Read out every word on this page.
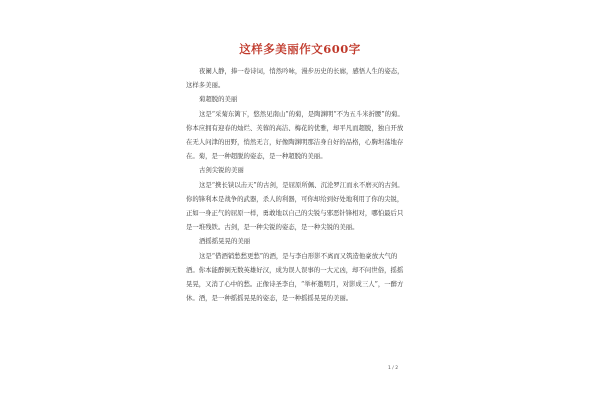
这样多美丽作文600字

夜阑人静，捧一卷诗词，悄然吟咏，漫步历史的长廊，感悟人生的姿态，这样多美丽。

菊超脱的美丽

这是“采菊东篱下，悠然见南山”的菊，是陶渊明“不为五斗米折腰”的菊。你本应拥有迎春的灿烂、芙蓉的高洁、梅花的优雅，却平凡而超脱，独自开放在无人问津的田野，悄然无言，好像陶渊明那洁身自好的品格，心胸坦荡地存在。菊，是一种超脱的姿态，是一种超脱的美丽。

古剑尖锐的美丽

这是“携长铗以击天”的古剑，是屈原所佩、沉沦罗江而永不磨灭的古剑。你的锋利本是战争的武器，杀人的利器，可你却给到好处地利用了你的尖锐，正如一身正气的屈原一样，勇敢地以自己的尖锐与邪恶针锋相对，哪怕最后只是一堆残铁。古剑，是一种尖锐的姿态，是一种尖锐的美丽。

酒摇摇晃晃的美丽

这是“借酒销愁愁更愁”的酒，是与李白形影不离而又筑造他豪放大气的酒。你本能醉倒无数英雄好汉，成为误人误事的一大元凶，却不问世俗，摇摇晃晃，又消了心中的愁。正像诗圣李白，“举杯邀明月，对影成三人”，一醉方休。酒，是一种摇摇晃晃的姿态，是一种摇摇晃晃的美丽。

1 / 2
